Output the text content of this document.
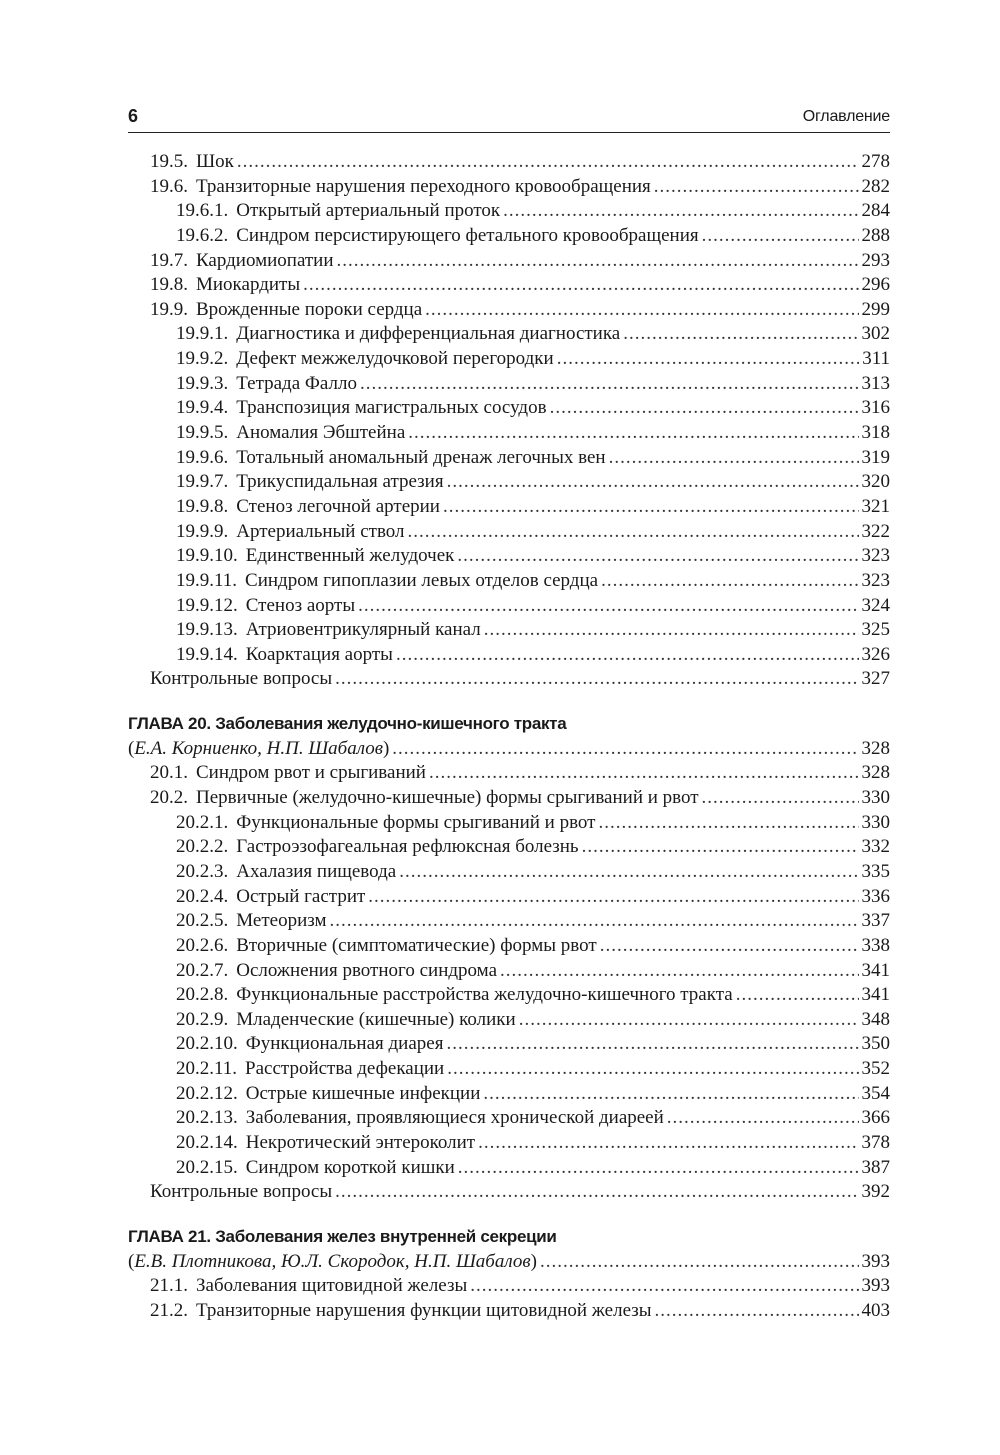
6	Оглавление
19.5. Шок .....	278
19.6. Транзиторные нарушения переходного кровообращения .....	282
19.6.1. Открытый артериальный проток .....	284
19.6.2. Синдром персистирующего фетального кровообращения .....	288
19.7. Кардиомиопатии .....	293
19.8. Миокардиты .....	296
19.9. Врожденные пороки сердца .....	299
19.9.1. Диагностика и дифференциальная диагностика .....	302
19.9.2. Дефект межжелудочковой перегородки .....	311
19.9.3. Тетрада Фалло .....	313
19.9.4. Транспозиция магистральных сосудов .....	316
19.9.5. Аномалия Эбштейна .....	318
19.9.6. Тотальный аномальный дренаж легочных вен .....	319
19.9.7. Трикуспидальная атрезия .....	320
19.9.8. Стеноз легочной артерии .....	321
19.9.9. Артериальный ствол .....	322
19.9.10. Единственный желудочек .....	323
19.9.11. Синдром гипоплазии левых отделов сердца .....	323
19.9.12. Стеноз аорты .....	324
19.9.13. Атриовентрикулярный канал .....	325
19.9.14. Коарктация аорты .....	326
Контрольные вопросы .....	327
ГЛАВА 20. Заболевания желудочно-кишечного тракта
( Е.А. Корниенко, Н.П. Шабалов ) .....	328
20.1. Синдром рвот и срыгиваний .....	328
20.2. Первичные (желудочно-кишечные) формы срыгиваний и рвот .....	330
20.2.1. Функциональные формы срыгиваний и рвот .....	330
20.2.2. Гастроэзофагеальная рефлюксная болезнь .....	332
20.2.3. Ахалазия пищевода .....	335
20.2.4. Острый гастрит .....	336
20.2.5. Метеоризм .....	337
20.2.6. Вторичные (симптоматические) формы рвот .....	338
20.2.7. Осложнения рвотного синдрома .....	341
20.2.8. Функциональные расстройства желудочно-кишечного тракта .....	341
20.2.9. Младенческие (кишечные) колики .....	348
20.2.10. Функциональная диарея .....	350
20.2.11. Расстройства дефекации .....	352
20.2.12. Острые кишечные инфекции .....	354
20.2.13. Заболевания, проявляющиеся хронической диареей .....	366
20.2.14. Некротический энтероколит .....	378
20.2.15. Синдром короткой кишки .....	387
Контрольные вопросы .....	392
ГЛАВА 21. Заболевания желез внутренней секреции
( Е.В. Плотникова, Ю.Л. Скородок, Н.П. Шабалов ) .....	393
21.1. Заболевания щитовидной железы .....	393
21.2. Транзиторные нарушения функции щитовидной железы .....	403
